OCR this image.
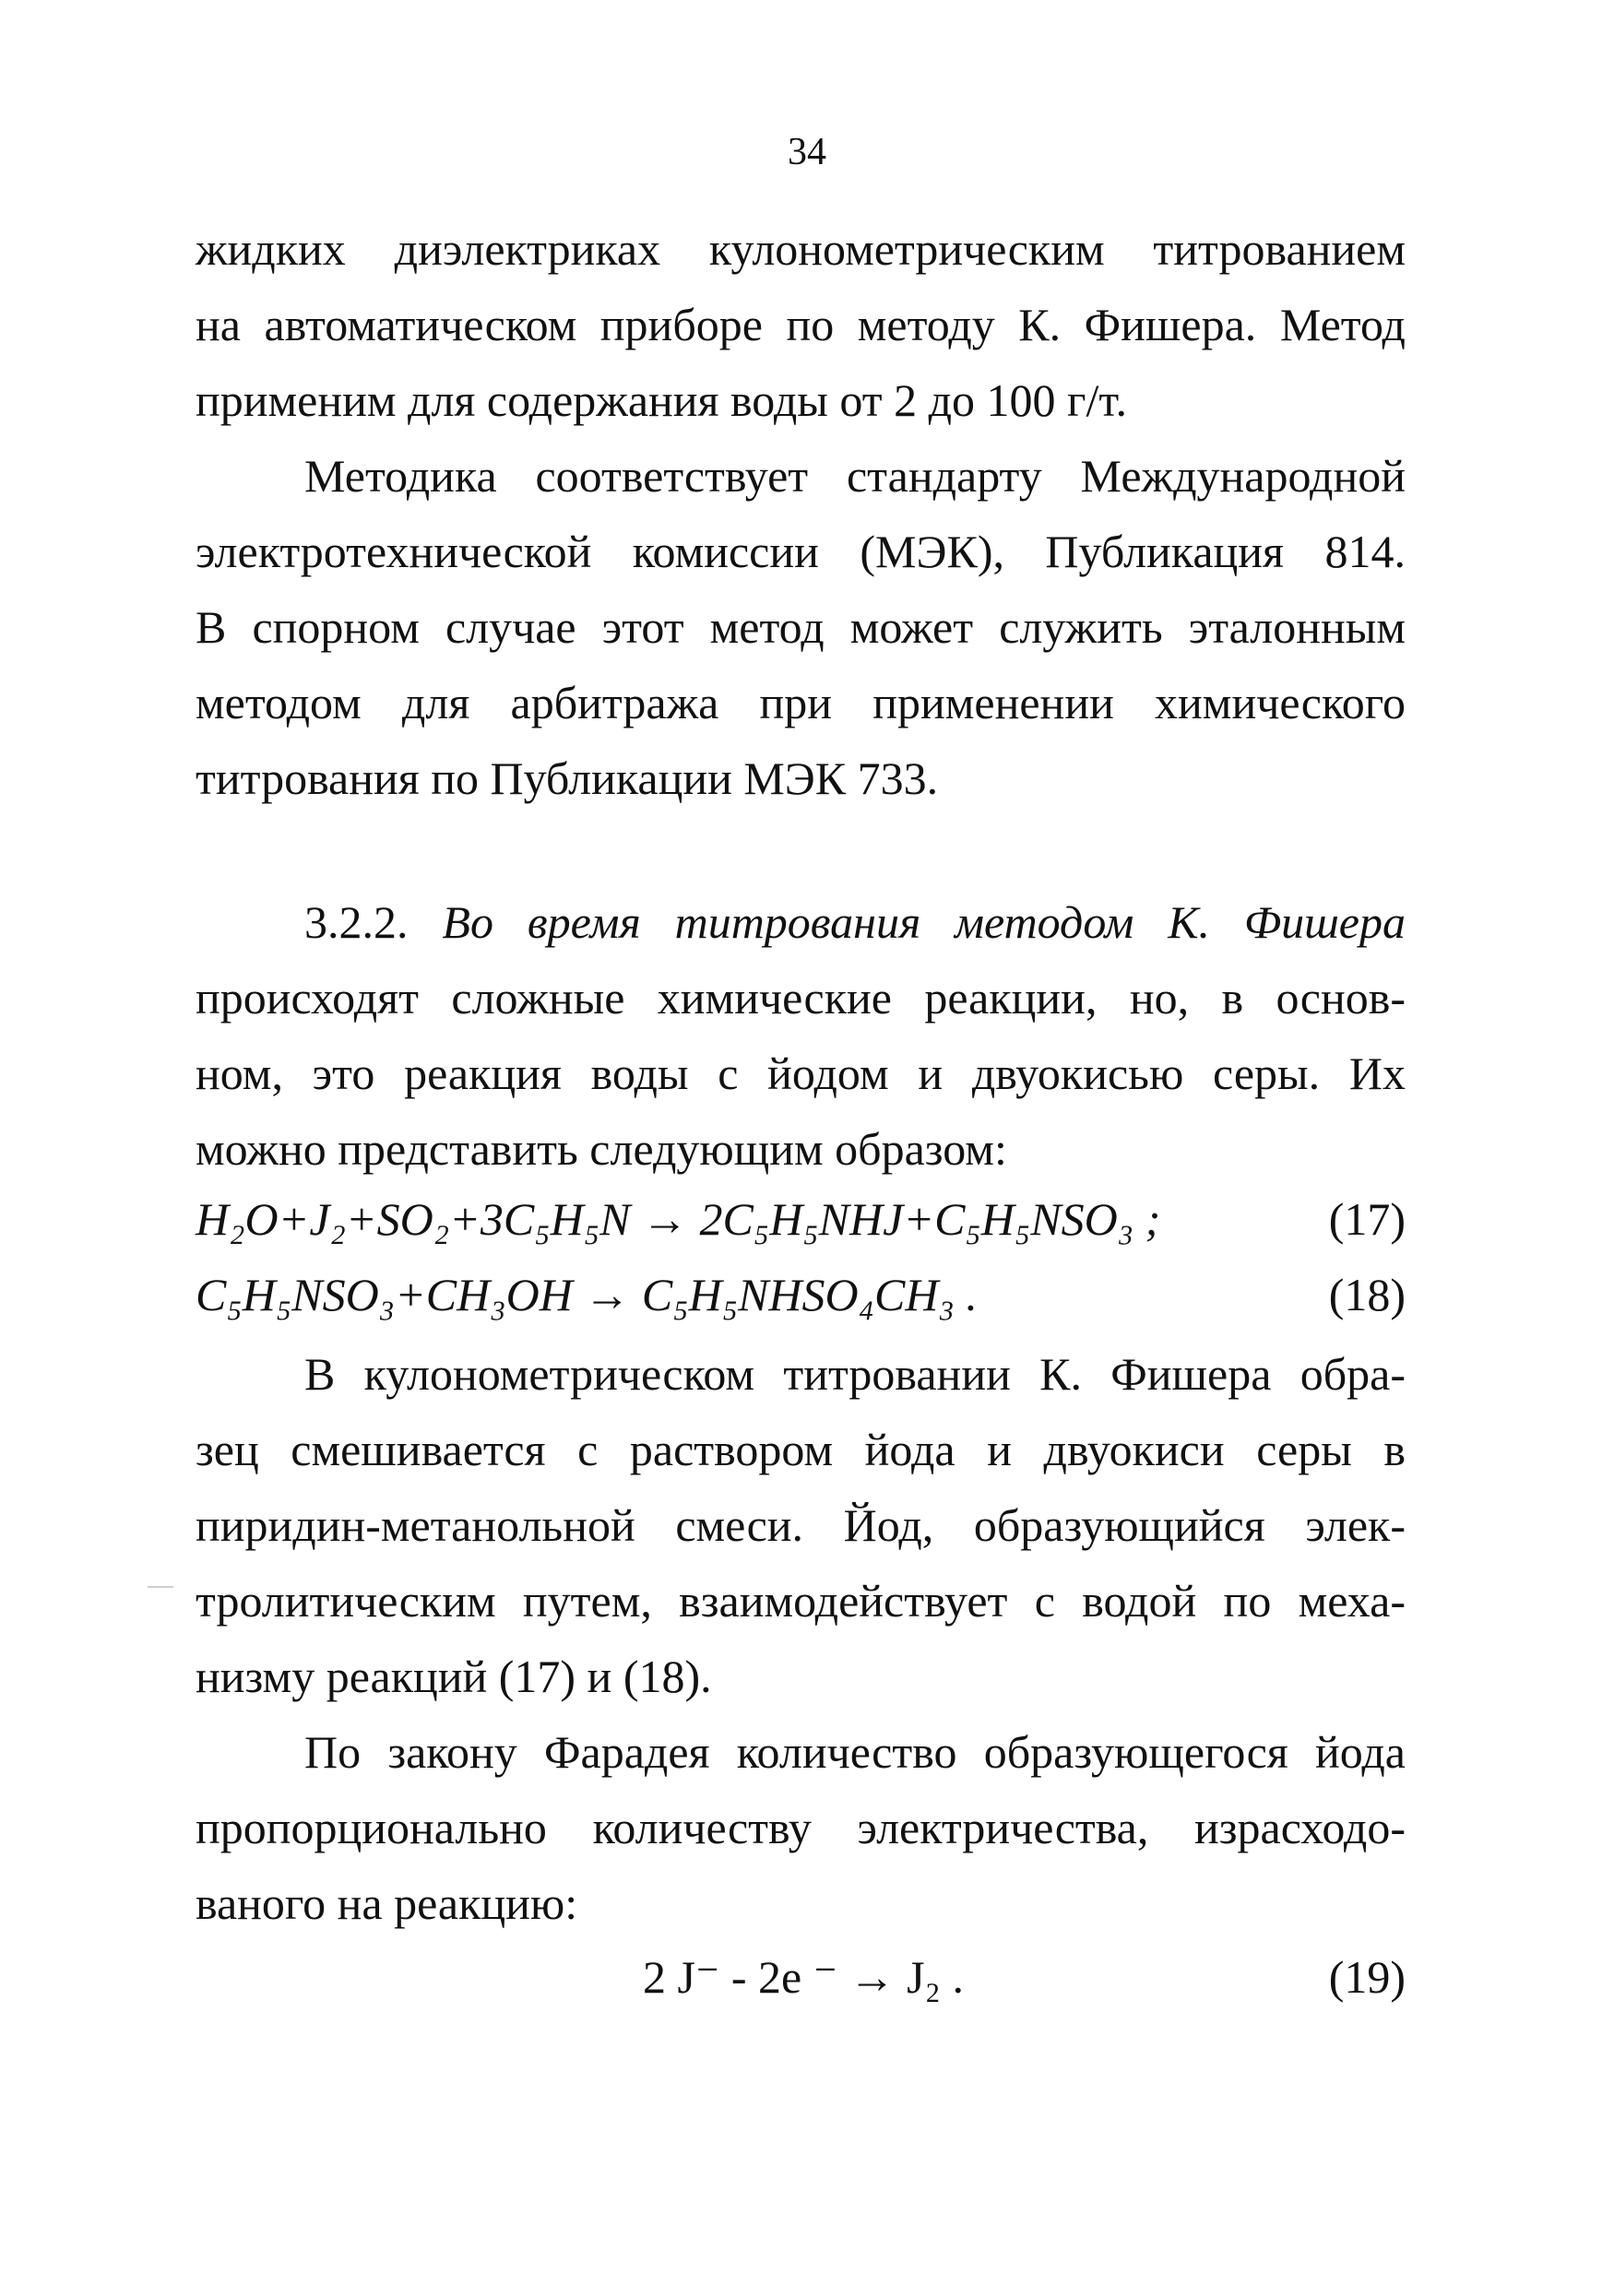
34
жидких диэлектриках кулонометрическим титрованием
на автоматическом приборе по методу К. Фишера. Метод
применим для содержания воды от 2 до 100 г/т.
Методика соответствует стандарту Международной
электротехнической комиссии (МЭК), Публикация 814.
В спорном случае этот метод может служить эталонным
методом для арбитража при применении химического
титрования по Публикации МЭК 733.
3.2.2. Во время титрования методом К. Фишера
происходят сложные химические реакции, но, в основ-
ном, это реакция воды с йодом и двуокисью серы. Их
можно представить следующим образом:
H₂O+J₂+SO₂+3C₅H₅N → 2C₅H₅NHJ+C₅H₅NSO₃ ;	(17)
C₅H₅NSO₃+CH₃OH → C₅H₅NHSO₄CH₃ .	(18)
В кулонометрическом титровании К. Фишера обра-
зец смешивается с раствором йода и двуокиси серы в
пиридин-метанольной смеси. Йод, образующийся элек-
тролитическим путем, взаимодействует с водой по меха-
низму реакций (17) и (18).
По закону Фарадея количество образующегося йода
пропорционально количеству электричества, израсходо-
ваного на реакцию:
2 J⁻ - 2e ⁻ → J₂ .	(19)
